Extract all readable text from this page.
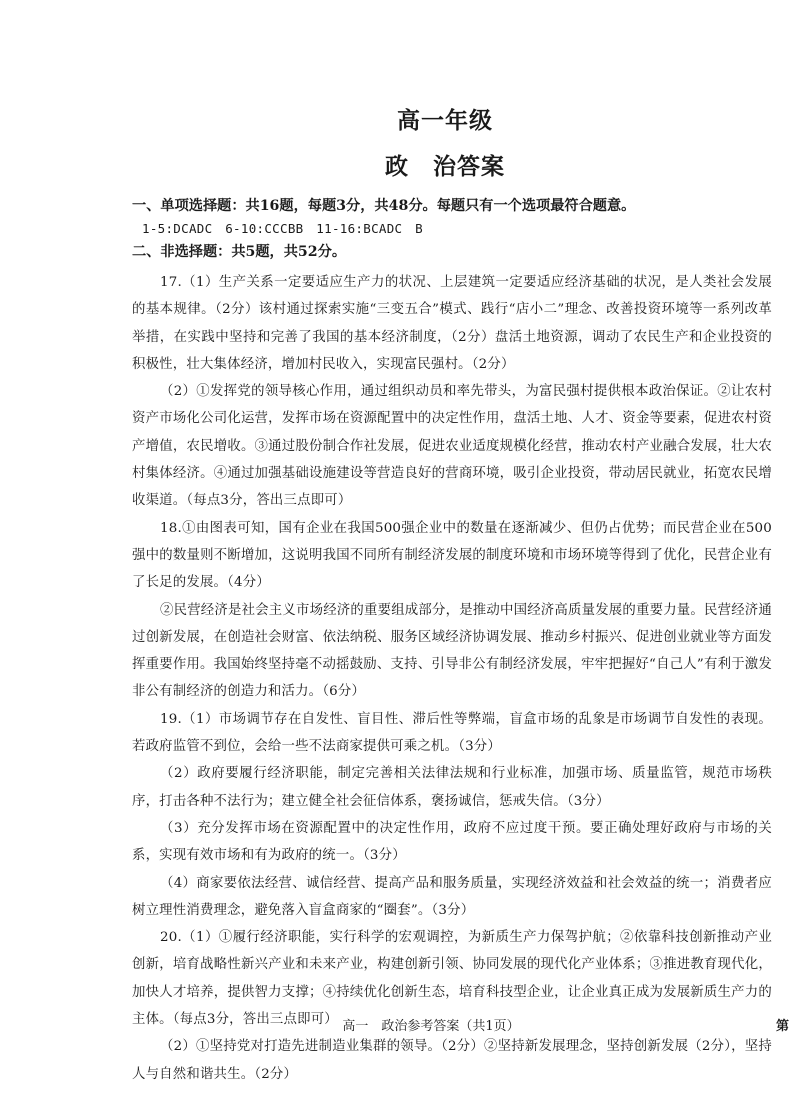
高一年级
政　治答案
一、单项选择题：共16题，每题3分，共48分。每题只有一个选项最符合题意。
1-5:DCADC　6-10:CCCBB　11-16:BCADC　B
二、非选择题：共5题，共52分。

17.（1）生产关系一定要适应生产力的状况、上层建筑一定要适应经济基础的状况，是人类社会发展的基本规律。（2分）该村通过探索实施“三变五合”模式、践行“店小二”理念、改善投资环境等一系列改革举措，在实践中坚持和完善了我国的基本经济制度，（2分）盘活土地资源，调动了农民生产和企业投资的积极性，壮大集体经济，增加村民收入，实现富民强村。（2分）

（2）①发挥党的领导核心作用，通过组织动员和率先带头，为富民强村提供根本政治保证。②让农村资产市场化公司化运营，发挥市场在资源配置中的决定性作用，盘活土地、人才、资金等要素，促进农村资产增值，农民增收。③通过股份制合作社发展，促进农业适度规模化经营，推动农村产业融合发展，壮大农村集体经济。④通过加强基础设施建设等营造良好的营商环境，吸引企业投资，带动居民就业，拓宽农民增收渠道。（每点3分，答出三点即可）

18.①由图表可知，国有企业在我国500强企业中的数量在逐渐减少、但仍占优势；而民营企业在500强中的数量则不断增加，这说明我国不同所有制经济发展的制度环境和市场环境等得到了优化，民营企业有了长足的发展。（4分）

②民营经济是社会主义市场经济的重要组成部分，是推动中国经济高质量发展的重要力量。民营经济通过创新发展，在创造社会财富、依法纳税、服务区域经济协调发展、推动乡村振兴、促进创业就业等方面发挥重要作用。我国始终坚持毫不动摇鼓励、支持、引导非公有制经济发展，牢牢把握好“自己人”有利于激发非公有制经济的创造力和活力。（6分）

19.（1）市场调节存在自发性、盲目性、滞后性等弊端，盲盒市场的乱象是市场调节自发性的表现。若政府监管不到位，会给一些不法商家提供可乘之机。（3分）

（2）政府要履行经济职能，制定完善相关法律法规和行业标准，加强市场、质量监管，规范市场秩序，打击各种不法行为；建立健全社会征信体系，褒扬诚信，惩戒失信。（3分）

（3）充分发挥市场在资源配置中的决定性作用，政府不应过度干预。要正确处理好政府与市场的关系，实现有效市场和有为政府的统一。（3分）

（4）商家要依法经营、诚信经营、提高产品和服务质量，实现经济效益和社会效益的统一；消费者应树立理性消费理念，避免落入盲盒商家的“圈套”。（3分）

20.（1）①履行经济职能，实行科学的宏观调控，为新质生产力保驾护航；②依靠科技创新推动产业创新，培育战略性新兴产业和未来产业，构建创新引领、协同发展的现代化产业体系；③推进教育现代化，加快人才培养，提供智力支撑；④持续优化创新生态，培育科技型企业，让企业真正成为发展新质生产力的主体。（每点3分，答出三点即可）

（2）①坚持党对打造先进制造业集群的领导。（2分）②坚持新发展理念，坚持创新发展（2分），坚持人与自然和谐共生。（2分）

高一　政治参考答案（共1页）	第
